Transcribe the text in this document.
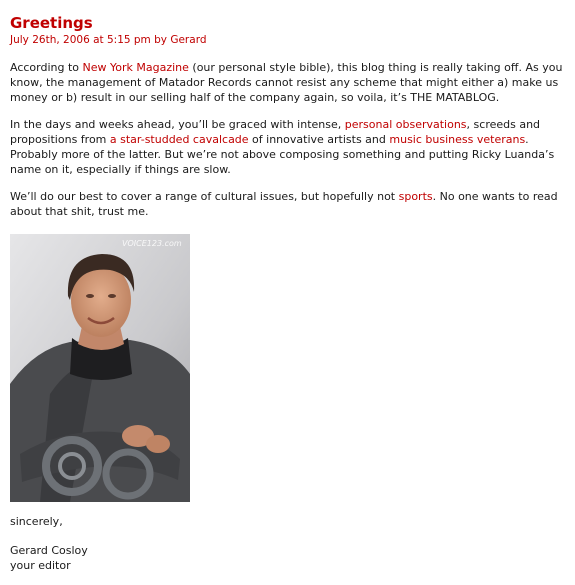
Greetings
July 26th, 2006 at 5:15 pm by Gerard

According to New York Magazine (our personal style bible), this blog thing is really taking off. As you know, the management of Matador Records cannot resist any scheme that might either a) make us money or b) result in our selling half of the company again, so voila, it’s THE MATABLOG.

In the days and weeks ahead, you’ll be graced with intense, personal observations, screeds and propositions from a star-studded cavalcade of innovative artists and music business veterans. Probably more of the latter. But we’re not above composing something and putting Ricky Luanda’s name on it, especially if things are slow.

We’ll do our best to cover a range of cultural issues, but hopefully not sports. No one wants to read about that shit, trust me.

VOICE123.com

sincerely,

Gerard Cosloy

your editor
